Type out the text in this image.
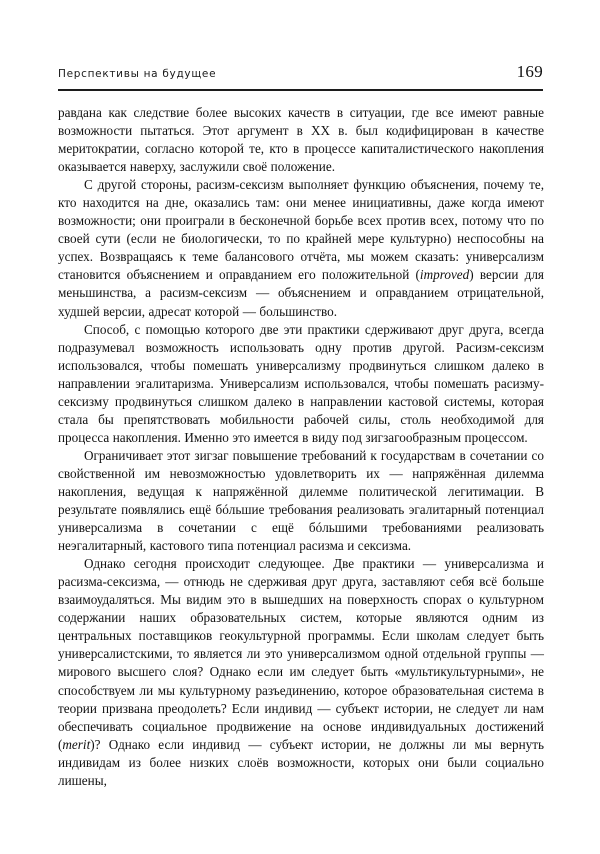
Перспективы на будущее	169

равдана как следствие более высоких качеств в ситуации, где все имеют равные возможности пытаться. Этот аргумент в XX в. был кодифицирован в качестве меритократии, согласно которой те, кто в процессе капиталистического накопления оказывается наверху, заслужили своё положение.

С другой стороны, расизм-сексизм выполняет функцию объяснения, почему те, кто находится на дне, оказались там: они менее инициативны, даже когда имеют возможности; они проиграли в бесконечной борьбе всех против всех, потому что по своей сути (если не биологически, то по крайней мере культурно) неспособны на успех. Возвращаясь к теме балансового отчёта, мы можем сказать: универсализм становится объяснением и оправданием его положительной (improved) версии для меньшинства, а расизм-сексизм — объяснением и оправданием отрицательной, худшей версии, адресат которой — большинство.

Способ, с помощью которого две эти практики сдерживают друг друга, всегда подразумевал возможность использовать одну против другой. Расизм-сексизм использовался, чтобы помешать универсализму продвинуться слишком далеко в направлении эгалитаризма. Универсализм использовался, чтобы помешать расизму-сексизму продвинуться слишком далеко в направлении кастовой системы, которая стала бы препятствовать мобильности рабочей силы, столь необходимой для процесса накопления. Именно это имеется в виду под зигзагообразным процессом.

Ограничивает этот зигзаг повышение требований к государствам в сочетании со свойственной им невозможностью удовлетворить их — напряжённая дилемма накопления, ведущая к напряжённой дилемме политической легитимации. В результате появлялись ещё бóльшие требования реализовать эгалитарный потенциал универсализма в сочетании с ещё бóльшими требованиями реализовать неэгалитарный, кастового типа потенциал расизма и сексизма.

Однако сегодня происходит следующее. Две практики — универсализма и расизма-сексизма, — отнюдь не сдерживая друг друга, заставляют себя всё больше взаимоудаляться. Мы видим это в вышедших на поверхность спорах о культурном содержании наших образовательных систем, которые являются одним из центральных поставщиков геокультурной программы. Если школам следует быть универсалистскими, то является ли это универсализмом одной отдельной группы — мирового высшего слоя? Однако если им следует быть «мультикультурными», не способствуем ли мы культурному разъединению, которое образовательная система в теории призвана преодолеть? Если индивид — субъект истории, не следует ли нам обеспечивать социальное продвижение на основе индивидуальных достижений (merit)? Однако если индивид — субъект истории, не должны ли мы вернуть индивидам из более низких слоёв возможности, которых они были социально лишены,
